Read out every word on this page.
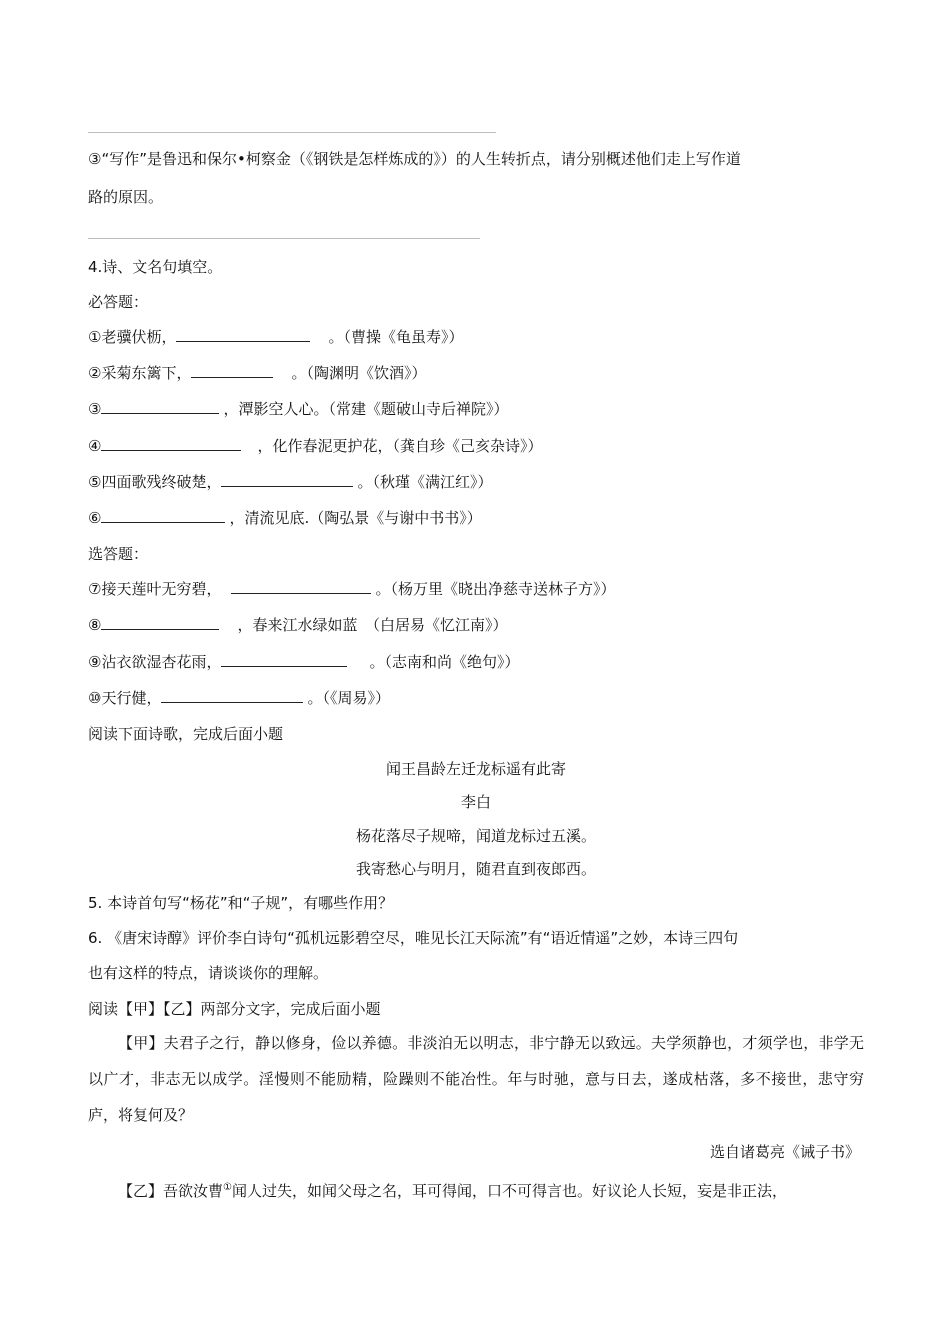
③“写作”是鲁迅和保尔•柯察金（《钢铁是怎样炼成的》）的人生转折点，请分别概述他们走上写作道
路的原因。
4.诗、文名句填空。
必答题：
①老骥伏枥，	。（曹操《龟虽寿》）
②采菊东篱下，	。（陶渊明《饮酒》）
③	，潭影空人心。（常建《题破山寺后禅院》）
④	，化作春泥更护花，（龚自珍《己亥杂诗》）
⑤四面歌残终破楚，	。（秋瑾《满江红》）
⑥	，清流见底.（陶弘景《与谢中书书》）
选答题：
⑦接天莲叶无穷碧，	。（杨万里《晓出净慈寺送林子方》）
⑧	，春来江水绿如蓝　（白居易《忆江南》）
⑨沾衣欲湿杏花雨，	。（志南和尚《绝句》）
⑩天行健，	。（《周易》）
阅读下面诗歌，完成后面小题
闻王昌龄左迁龙标遥有此寄
李白
杨花落尽子规啼，闻道龙标过五溪。
我寄愁心与明月，随君直到夜郎西。
5. 本诗首句写“杨花”和“子规”，有哪些作用？
6. 《唐宋诗醇》评价李白诗句“孤机远影碧空尽，唯见长江天际流”有“语近情遥”之妙，本诗三四句
也有这样的特点，请谈谈你的理解。
阅读【甲】【乙】两部分文字，完成后面小题
【甲】夫君子之行，静以修身，俭以养德。非淡泊无以明志，非宁静无以致远。夫学须静也，才须学也，非学无以广才，非志无以成学。淫慢则不能励精，险躁则不能冶性。年与时驰，意与日去，遂成枯落，多不接世，悲守穷庐，将复何及？
选自诸葛亮《诫子书》
【乙】吾欲汝曹①闻人过失，如闻父母之名，耳可得闻，口不可得言也。好议论人长短，妄是非正法，
